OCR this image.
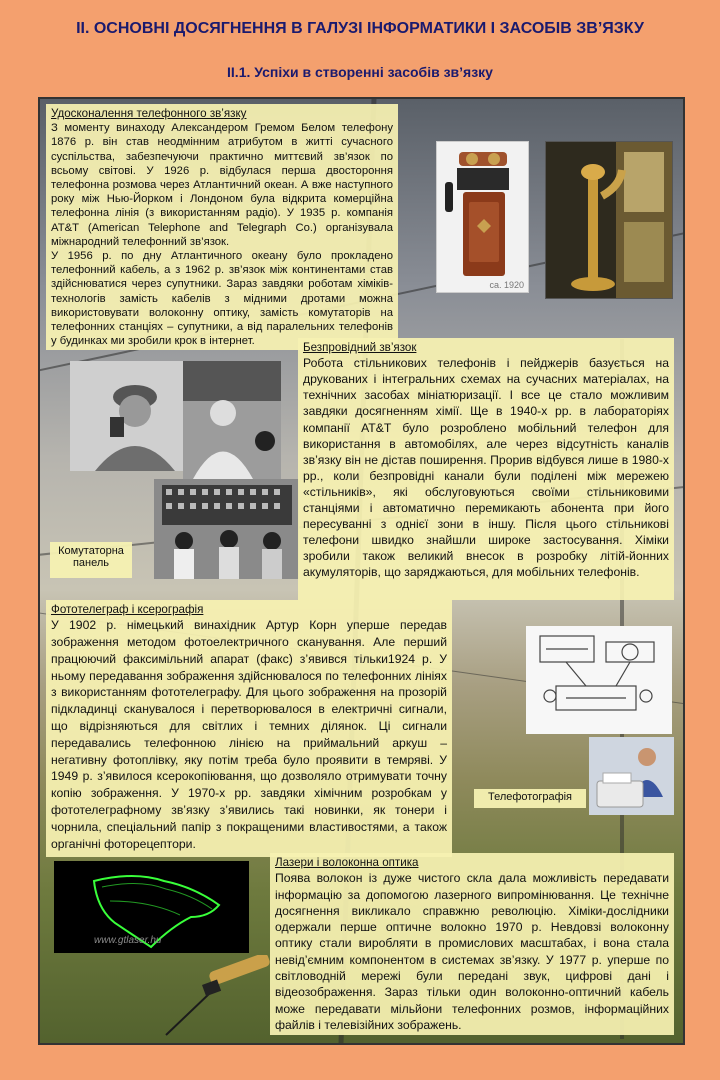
II. ОСНОВНІ ДОСЯГНЕННЯ В ГАЛУЗІ ІНФОРМАТИКИ І ЗАСОБІВ ЗВ’ЯЗКУ
II.1. Успіхи в створенні засобів зв’язку
Удосконалення телефонного зв’язку

З моменту винаходу Александером Гремом Белом телефону 1876 р. він став неодмінним атрибутом в житті сучасного суспільства, забезпечуючи практично миттєвий зв’язок по всьому світові. У 1926 р. відбулася перша двостороння телефонна розмова через Атлантичний океан. А вже наступного року між Нью-Йорком і Лондоном була відкрита комерційна телефонна лінія (з використанням радіо). У 1935 р. компанія AT&T (American Telephone and Telegraph Co.) організувала міжнародний телефонний зв’язок.

У 1956 р. по дну Атлантичного океану було прокладено телефонний кабель, а з 1962 р. зв’язок між континентами став здійснюватися через супутники. Зараз завдяки роботам хіміків-технологів замість кабелів з мідними дротами можна використовувати волоконну оптику, замість комутаторів на телефонних станціях – супутники, а від паралельних телефонів у будинках ми зробили крок в інтернет.

ca. 1920
Комутаторна панель
Безпровідний зв’язок

Робота стільникових телефонів і пейджерів базується на друкованих і інтегральних схемах на сучасних матеріалах, на технічних засобах мініатюризації. І все це стало можливим завдяки досягненням хімії. Ще в 1940-х рр. в лабораторіях компанії AT&T було розроблено мобільний телефон для використання в автомобілях, але через відсутність каналів зв’язку він не дістав поширення. Прорив відбувся лише в 1980-х рр., коли безпровідні канали були поділені між мережею «стільників», які обслуговуються своїми стільниковими станціями і автоматично перемикають абонента при його пересуванні з однієї зони в іншу. Після цього стільникові телефони швидко знайшли широке застосування. Хіміки зробили також великий внесок в розробку літій-йонних акумуляторів, що заряджаються, для мобільних телефонів.

Фототелеграф і ксерографія

У 1902 р. німецький винахідник Артур Корн уперше передав зображення методом фотоелектричного сканування. Але перший працюючий факсимільний апарат (факс) з’явився тільки1924 р. У ньому передавання зображення здійснювалося по телефонних лініях з використанням фототелеграфу. Для цього зображення на прозорій підкладинці сканувалося і перетворювалося в електричні сигнали, що відрізняються для світлих і темних ділянок. Ці сигнали передавались телефонною лінією на приймальний аркуш – негативну фотоплівку, яку потім треба було проявити в темряві. У 1949 р. з’явилося ксерокопіювання, що дозволяло отримувати точну копію зображення. У 1970-х рр. завдяки хімічним розробкам у фототелеграфному зв’язку з’явились такі новинки, як тонери і чорнила, спеціальний папір з покращеними властивостями, а також органічні фоторецептори.

Телефотографія
www.gtlaser.hu
Лазери і волоконна оптика

Поява волокон із дуже чистого скла дала можливість передавати інформацію за допомогою лазерного випромінювання. Це технічне досягнення викликало справжню революцію. Хіміки-дослідники одержали перше оптичне волокно 1970 р. Невдовзі волоконну оптику стали виробляти в промислових масштабах, і вона стала невід’ємним компонентом в системах зв’язку. У 1977 р. уперше по світловодній мережі були передані звук, цифрові дані і відеозображення. Зараз тільки один волоконно-оптичний кабель може передавати мільйони телефонних розмов, інформаційних файлів і телевізійних зображень.
